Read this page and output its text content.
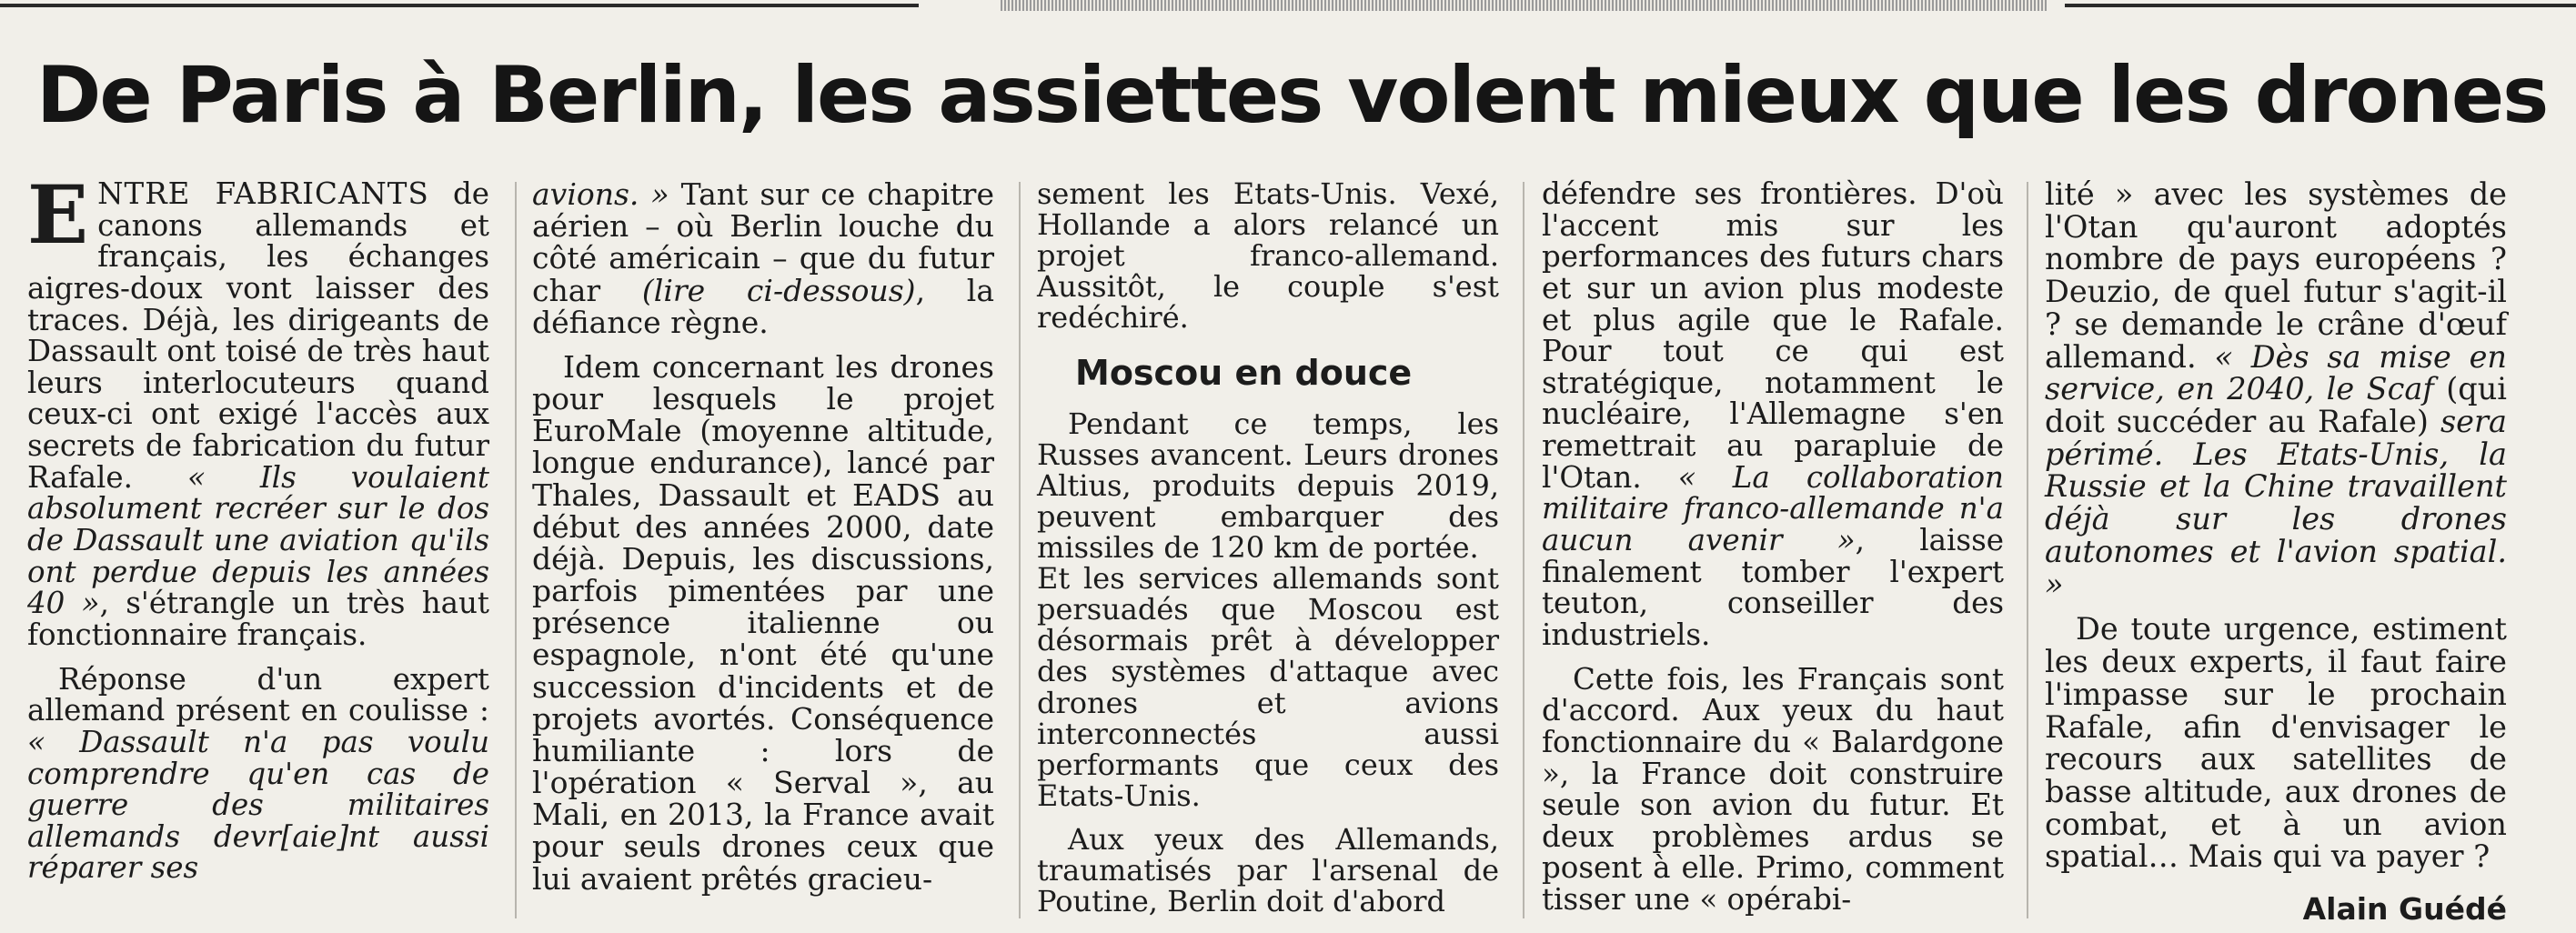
De Paris à Berlin, les assiettes volent mieux que les drones

ENTRE FABRICANTS de canons allemands et français, les échanges aigres-doux vont laisser des traces. Déjà, les dirigeants de Dassault ont toisé de très haut leurs interlocuteurs quand ceux-ci ont exigé l'accès aux secrets de fabrication du futur Rafale. « Ils voulaient absolument recréer sur le dos de Dassault une aviation qu'ils ont perdue depuis les années 40 », s'étrangle un très haut fonctionnaire français.

Réponse d'un expert allemand présent en coulisse : « Dassault n'a pas voulu comprendre qu'en cas de guerre des militaires allemands devr[aie]nt aussi réparer ses

avions. » Tant sur ce chapitre aérien – où Berlin louche du côté américain – que du futur char (lire ci-dessous), la défiance règne.

Idem concernant les drones pour lesquels le projet EuroMale (moyenne altitude, longue endurance), lancé par Thales, Dassault et EADS au début des années 2000, date déjà. Depuis, les discussions, parfois pimentées par une présence italienne ou espagnole, n'ont été qu'une succession d'incidents et de projets avortés. Conséquence humiliante : lors de l'opération « Serval », au Mali, en 2013, la France avait pour seuls drones ceux que lui avaient prêtés gracieu-

sement les Etats-Unis. Vexé, Hollande a alors relancé un projet franco-allemand. Aussitôt, le couple s'est redéchiré.

Moscou en douce

Pendant ce temps, les Russes avancent. Leurs drones Altius, produits depuis 2019, peuvent embarquer des missiles de 120 km de portée.

Et les services allemands sont persuadés que Moscou est désormais prêt à développer des systèmes d'attaque avec drones et avions interconnectés aussi performants que ceux des Etats-Unis.

Aux yeux des Allemands, traumatisés par l'arsenal de Poutine, Berlin doit d'abord

défendre ses frontières. D'où l'accent mis sur les performances des futurs chars et sur un avion plus modeste et plus agile que le Rafale. Pour tout ce qui est stratégique, notamment le nucléaire, l'Allemagne s'en remettrait au parapluie de l'Otan. « La collaboration militaire franco-allemande n'a aucun avenir », laisse finalement tomber l'expert teuton, conseiller des industriels.

Cette fois, les Français sont d'accord. Aux yeux du haut fonctionnaire du « Balardgone », la France doit construire seule son avion du futur. Et deux problèmes ardus se posent à elle. Primo, comment tisser une « opérabi-

lité » avec les systèmes de l'Otan qu'auront adoptés nombre de pays européens ? Deuzio, de quel futur s'agit-il ? se demande le crâne d'œuf allemand. « Dès sa mise en service, en 2040, le Scaf (qui doit succéder au Rafale) sera périmé. Les Etats-Unis, la Russie et la Chine travaillent déjà sur les drones autonomes et l'avion spatial. »

De toute urgence, estiment les deux experts, il faut faire l'impasse sur le prochain Rafale, afin d'envisager le recours aux satellites de basse altitude, aux drones de combat, et à un avion spatial… Mais qui va payer ?

Alain Guédé
